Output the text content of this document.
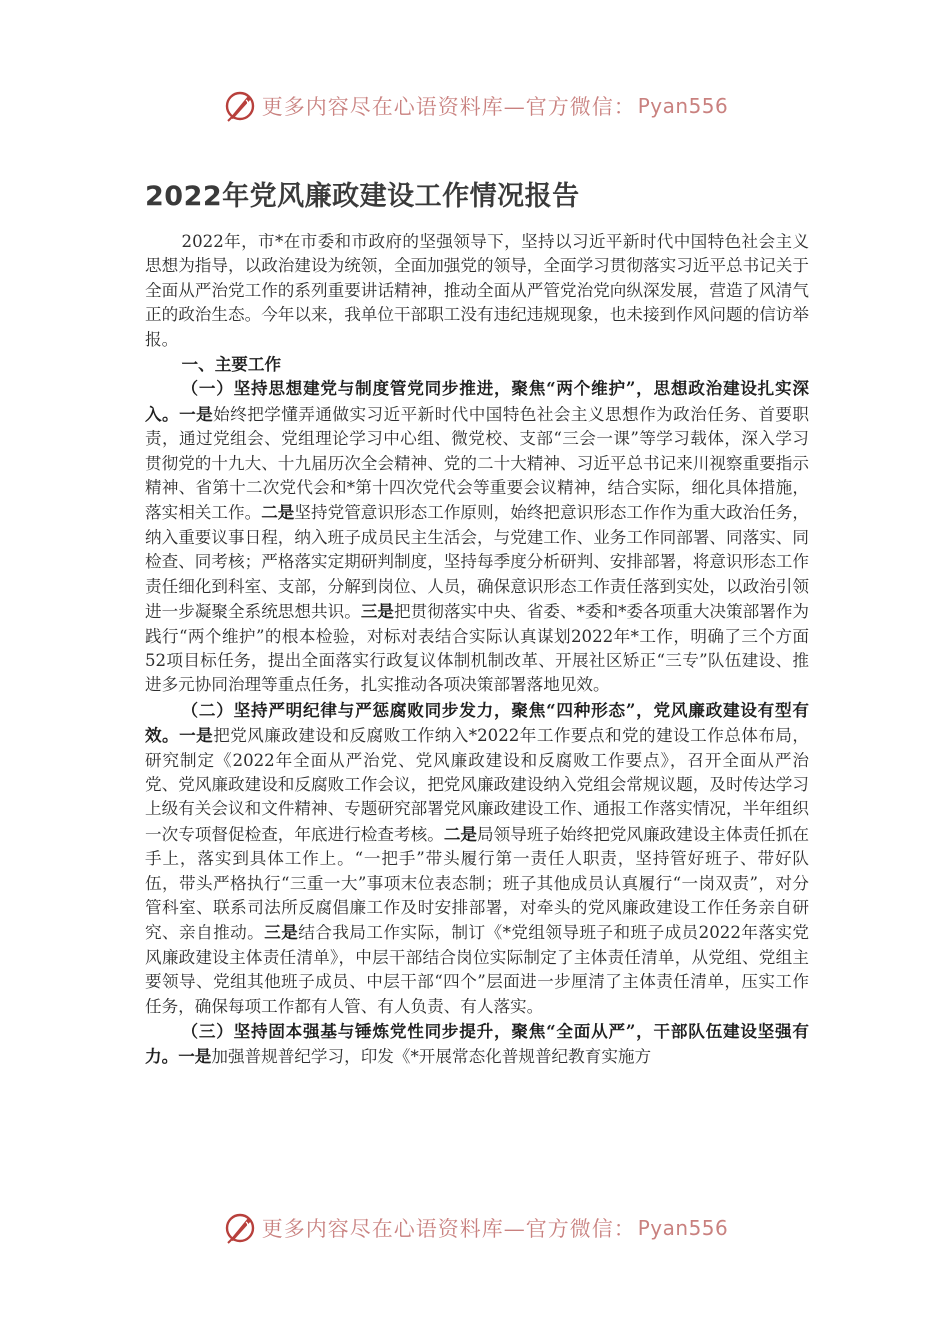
更多内容尽在心语资料库—官方微信： Pyan556
2022年党风廉政建设工作情况报告

2022年，市*在市委和市政府的坚强领导下，坚持以习近平新时代中国特色社会主义思想为指导，以政治建设为统领，全面加强党的领导，全面学习贯彻落实习近平总书记关于全面从严治党工作的系列重要讲话精神，推动全面从严管党治党向纵深发展，营造了风清气正的政治生态。今年以来，我单位干部职工没有违纪违规现象，也未接到作风问题的信访举报。

一、主要工作

（一）坚持思想建党与制度管党同步推进，聚焦“两个维护”，思想政治建设扎实深入。一是始终把学懂弄通做实习近平新时代中国特色社会主义思想作为政治任务、首要职责，通过党组会、党组理论学习中心组、微党校、支部“三会一课”等学习载体，深入学习贯彻党的十九大、十九届历次全会精神、党的二十大精神、习近平总书记来川视察重要指示精神、省第十二次党代会和*第十四次党代会等重要会议精神，结合实际，细化具体措施，落实相关工作。二是坚持党管意识形态工作原则，始终把意识形态工作作为重大政治任务，纳入重要议事日程，纳入班子成员民主生活会，与党建工作、业务工作同部署、同落实、同检查、同考核；严格落实定期研判制度，坚持每季度分析研判、安排部署，将意识形态工作责任细化到科室、支部，分解到岗位、人员，确保意识形态工作责任落到实处，以政治引领进一步凝聚全系统思想共识。三是把贯彻落实中央、省委、*委和*委各项重大决策部署作为践行“两个维护”的根本检验，对标对表结合实际认真谋划2022年*工作，明确了三个方面52项目标任务，提出全面落实行政复议体制机制改革、开展社区矫正“三专”队伍建设、推进多元协同治理等重点任务，扎实推动各项决策部署落地见效。

（二）坚持严明纪律与严惩腐败同步发力，聚焦“四种形态”，党风廉政建设有型有效。一是把党风廉政建设和反腐败工作纳入*2022年工作要点和党的建设工作总体布局，研究制定《2022年全面从严治党、党风廉政建设和反腐败工作要点》，召开全面从严治党、党风廉政建设和反腐败工作会议，把党风廉政建设纳入党组会常规议题，及时传达学习上级有关会议和文件精神、专题研究部署党风廉政建设工作、通报工作落实情况，半年组织一次专项督促检查，年底进行检查考核。二是局领导班子始终把党风廉政建设主体责任抓在手上，落实到具体工作上。“一把手”带头履行第一责任人职责，坚持管好班子、带好队伍，带头严格执行“三重一大”事项末位表态制；班子其他成员认真履行“一岗双责”，对分管科室、联系司法所反腐倡廉工作及时安排部署，对牵头的党风廉政建设工作任务亲自研究、亲自推动。三是结合我局工作实际，制订《*党组领导班子和班子成员2022年落实党风廉政建设主体责任清单》，中层干部结合岗位实际制定了主体责任清单，从党组、党组主要领导、党组其他班子成员、中层干部“四个”层面进一步厘清了主体责任清单，压实工作任务，确保每项工作都有人管、有人负责、有人落实。

（三）坚持固本强基与锤炼党性同步提升，聚焦“全面从严”，干部队伍建设坚强有力。一是加强普规普纪学习，印发《*开展常态化普规普纪教育实施方

更多内容尽在心语资料库—官方微信： Pyan556
